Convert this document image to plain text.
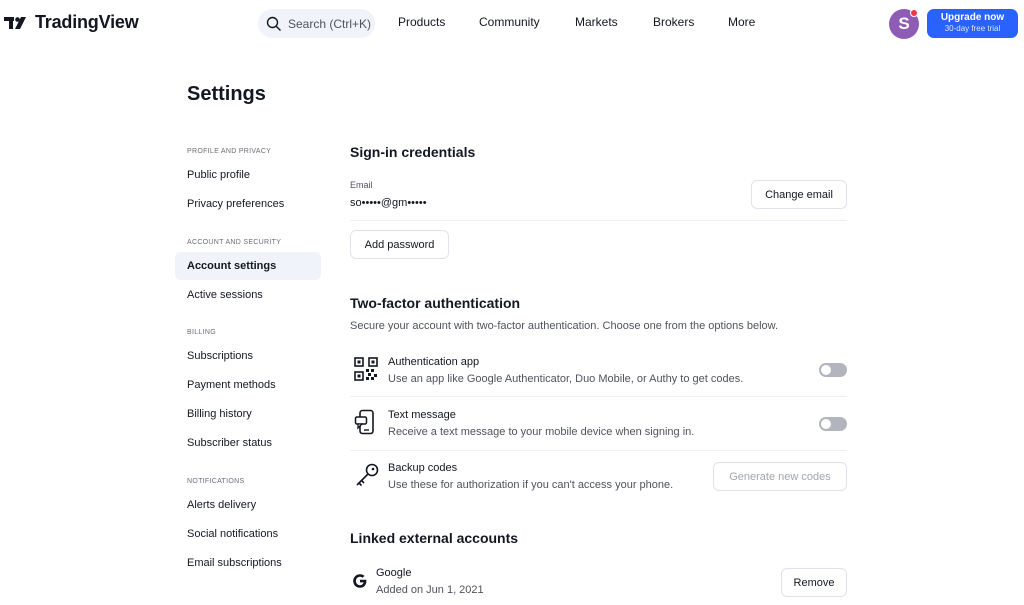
TradingView	Search (Ctrl+K) Products	Community	Markets	Brokers	More	S	Upgrade now
30-day free trial
Settings
PROFILE AND PRIVACY
Public profile
Privacy preferences
ACCOUNT AND SECURITY
Account settings
Active sessions
BILLING
Subscriptions
Payment methods
Billing history
Subscriber status
NOTIFICATIONS
Alerts delivery
Social notifications
Email subscriptions
Sign-in credentials
Email
so•••••@gm•••••
Change email
Add password
Two-factor authentication
Secure your account with two-factor authentication. Choose one from the options below.
Authentication app
Use an app like Google Authenticator, Duo Mobile, or Authy to get codes.
Text message
Receive a text message to your mobile device when signing in.
Backup codes
Use these for authorization if you can't access your phone.
Generate new codes
Linked external accounts
Google
Added on Jun 1, 2021
Remove
